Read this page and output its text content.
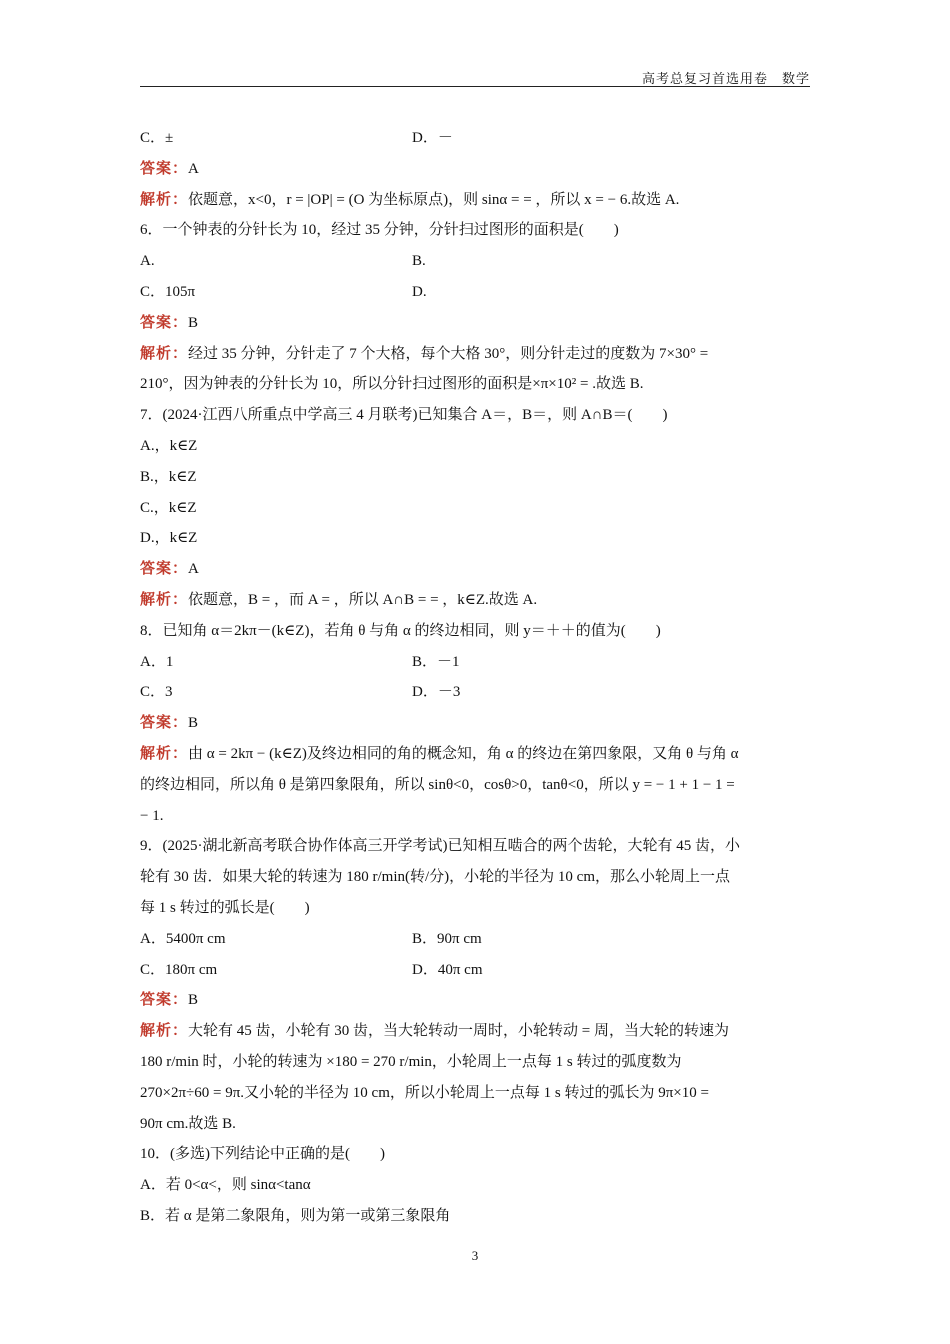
高考总复习首选用卷　数学
C．±	D．－
答案：A
解析：依题意，x<0，r = |OP| = (O 为坐标原点)，则 sinα = = ，所以 x = − 6.故选 A.
6．一个钟表的分针长为 10，经过 35 分钟，分针扫过图形的面积是(　　)
A.	B.
C．105π	D.
答案：B
解析：经过 35 分钟，分针走了 7 个大格，每个大格 30°，则分针走过的度数为 7×30° =
210°，因为钟表的分针长为 10，所以分针扫过图形的面积是×π×10² = .故选 B.
7．(2024·江西八所重点中学高三 4 月联考)已知集合 A＝，B＝，则 A∩B＝(　　)
A.，k∈Z
B.，k∈Z
C.，k∈Z
D.，k∈Z
答案：A
解析：依题意，B = ，而 A = ，所以 A∩B = = ，k∈Z.故选 A.
8．已知角 α＝2kπ－(k∈Z)，若角 θ 与角 α 的终边相同，则 y＝＋＋的值为(　　)
A．1	B．－1
C．3	D．－3
答案：B
解析：由 α = 2kπ − (k∈Z)及终边相同的角的概念知，角 α 的终边在第四象限，又角 θ 与角 α
的终边相同，所以角 θ 是第四象限角，所以 sinθ<0，cosθ>0，tanθ<0，所以 y = − 1 + 1 − 1 =
− 1.
9．(2025·湖北新高考联合协作体高三开学考试)已知相互啮合的两个齿轮，大轮有 45 齿，小
轮有 30 齿．如果大轮的转速为 180 r/min(转/分)，小轮的半径为 10 cm，那么小轮周上一点
每 1 s 转过的弧长是(　　)
A．5400π cm	B．90π cm
C．180π cm	D．40π cm
答案：B
解析：大轮有 45 齿，小轮有 30 齿，当大轮转动一周时，小轮转动 = 周，当大轮的转速为
180 r/min 时，小轮的转速为 ×180 = 270 r/min，小轮周上一点每 1 s 转过的弧度数为
270×2π÷60 = 9π.又小轮的半径为 10 cm，所以小轮周上一点每 1 s 转过的弧长为 9π×10 =
90π cm.故选 B.
10．(多选)下列结论中正确的是(　　)
A．若 0<α<，则 sinα<tanα
B．若 α 是第二象限角，则为第一或第三象限角
3
